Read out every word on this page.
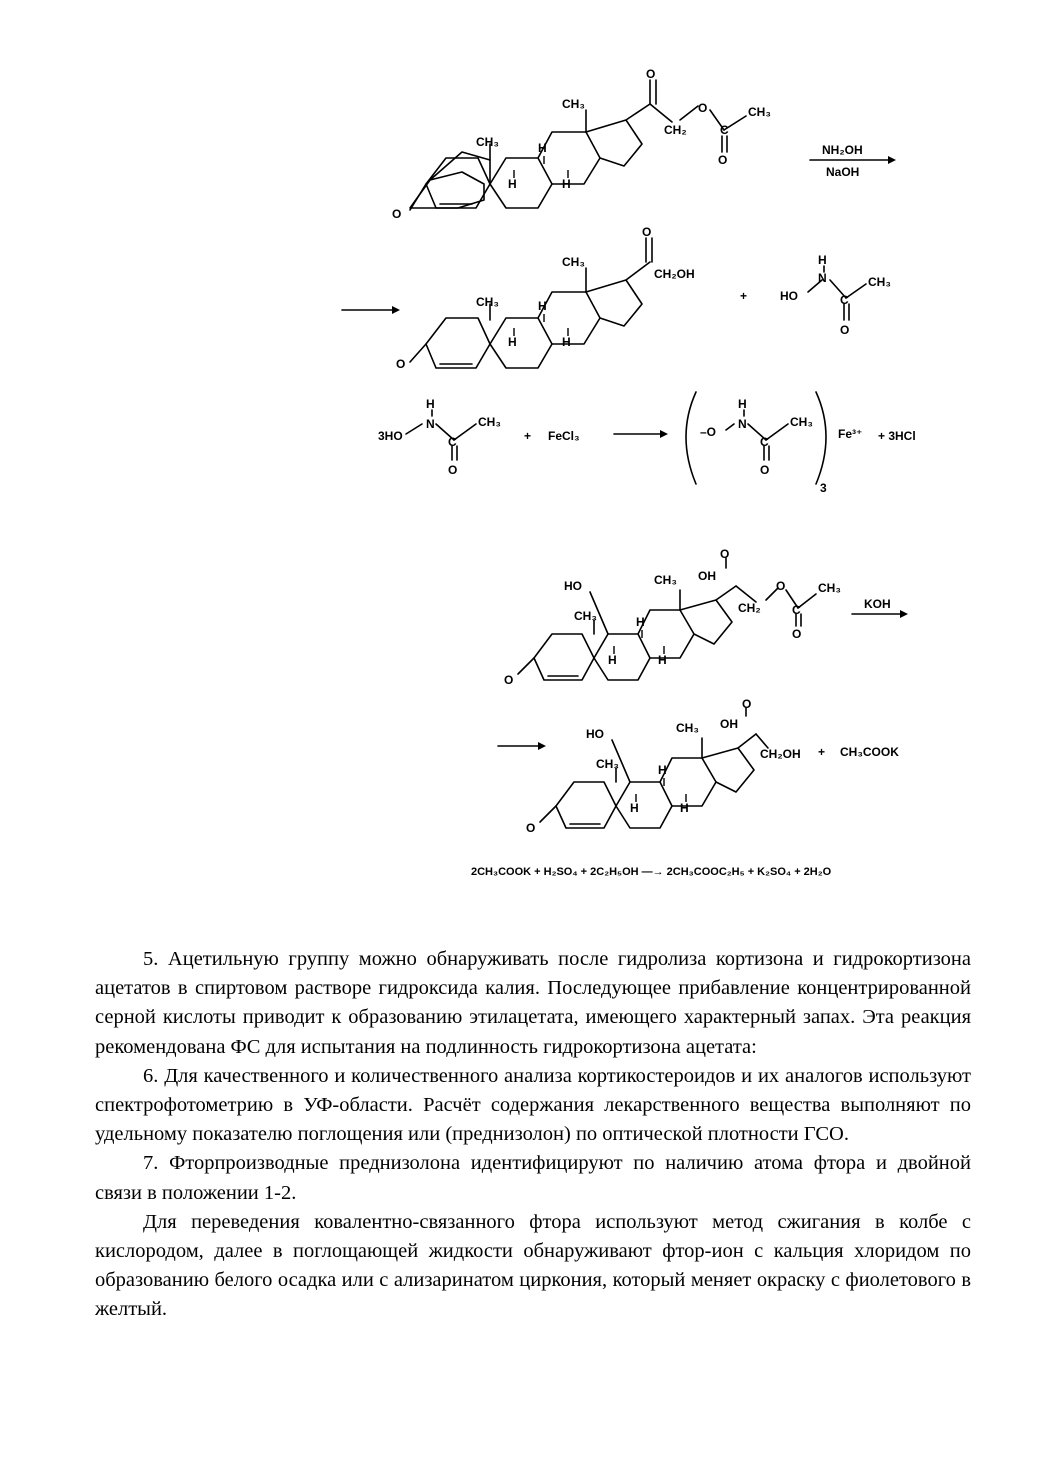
O
CH₃
CH₃
H
H
H
O
CH₂
O
C
CH₃
O
NH₂OH
NaOH
O
CH₃
CH₃
H
H
H
O
CH₂OH
+	HO
H
N
C
CH₃
O
3HO
H
N
C
CH₃
O
+ FeCl₃	–O
H
N
C
CH₃
O
3
Fe³⁺ + 3HCl
O
HO	CH₃
CH₃
H
H
H
OH
O
CH₂
O
C
CH₃
O
KOH
O
HO	CH₃
CH₃
H
H
H
OH
O
CH₂OH + CH₃COOK
2CH₃COOK + H₂SO₄ + 2C₂H₅OH —→ 2CH₃COOC₂H₅ + K₂SO₄ + 2H₂O

5. Ацетильную группу можно обнаруживать после гидролиза кортизона и гидрокортизона ацетатов в спиртовом растворе гидроксида калия. Последующее прибавление концентрированной серной кислоты приводит к образованию этилацетата, имеющего характерный запах. Эта реакция рекомендована ФС для испытания на подлинность гидрокортизона ацетата:

6. Для качественного и количественного анализа кортикостероидов и их аналогов используют спектрофотометрию в УФ-области. Расчёт содержания лекарственного вещества выполняют по удельному показателю поглощения или (преднизолон) по оптической плотности ГСО.

7. Фторпроизводные преднизолона идентифицируют по наличию атома фтора и двойной связи в положении 1-2.

Для переведения ковалентно-связанного фтора используют метод сжигания в колбе с кислородом, далее в поглощающей жидкости обнаруживают фтор-ион с кальция хлоридом по образованию белого осадка или с ализаринатом циркония, который меняет окраску с фиолетового в желтый.
